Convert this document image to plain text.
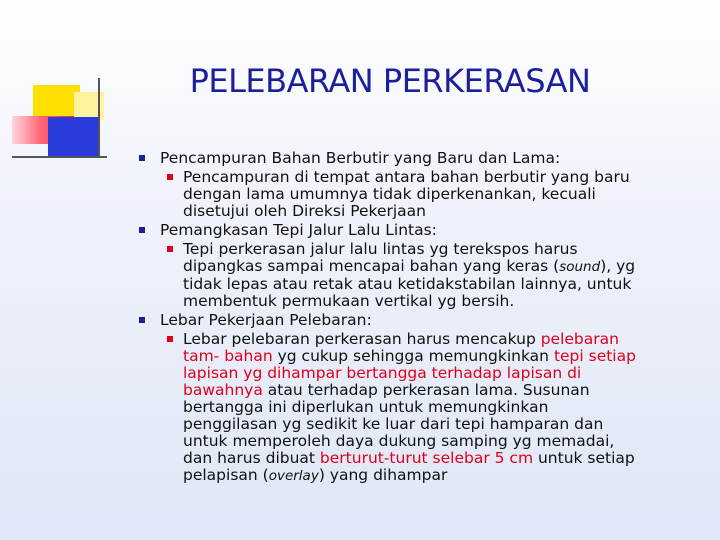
PELEBARAN PERKERASAN
Pencampuran Bahan Berbutir yang Baru dan Lama:
Pencampuran di tempat antara bahan berbutir yang baru dengan lama umumnya tidak diperkenankan, kecuali disetujui oleh Direksi Pekerjaan
Pemangkasan Tepi Jalur Lalu Lintas:
Tepi perkerasan jalur lalu lintas yg terekspos harus dipangkas sampai mencapai bahan yang keras (sound), yg tidak lepas atau retak atau ketidakstabilan lainnya, untuk membentuk permukaan vertikal yg bersih.
Lebar Pekerjaan Pelebaran:
Lebar pelebaran perkerasan harus mencakup pelebaran tam- bahan yg cukup sehingga memungkinkan tepi setiap lapisan yg dihampar bertangga terhadap lapisan di bawahnya atau terhadap perkerasan lama. Susunan bertangga ini diperlukan untuk memungkinkan penggilasan yg sedikit ke luar dari tepi hamparan dan untuk memperoleh daya dukung samping yg memadai, dan harus dibuat berturut-turut selebar 5 cm untuk setiap pelapisan (overlay) yang dihampar
